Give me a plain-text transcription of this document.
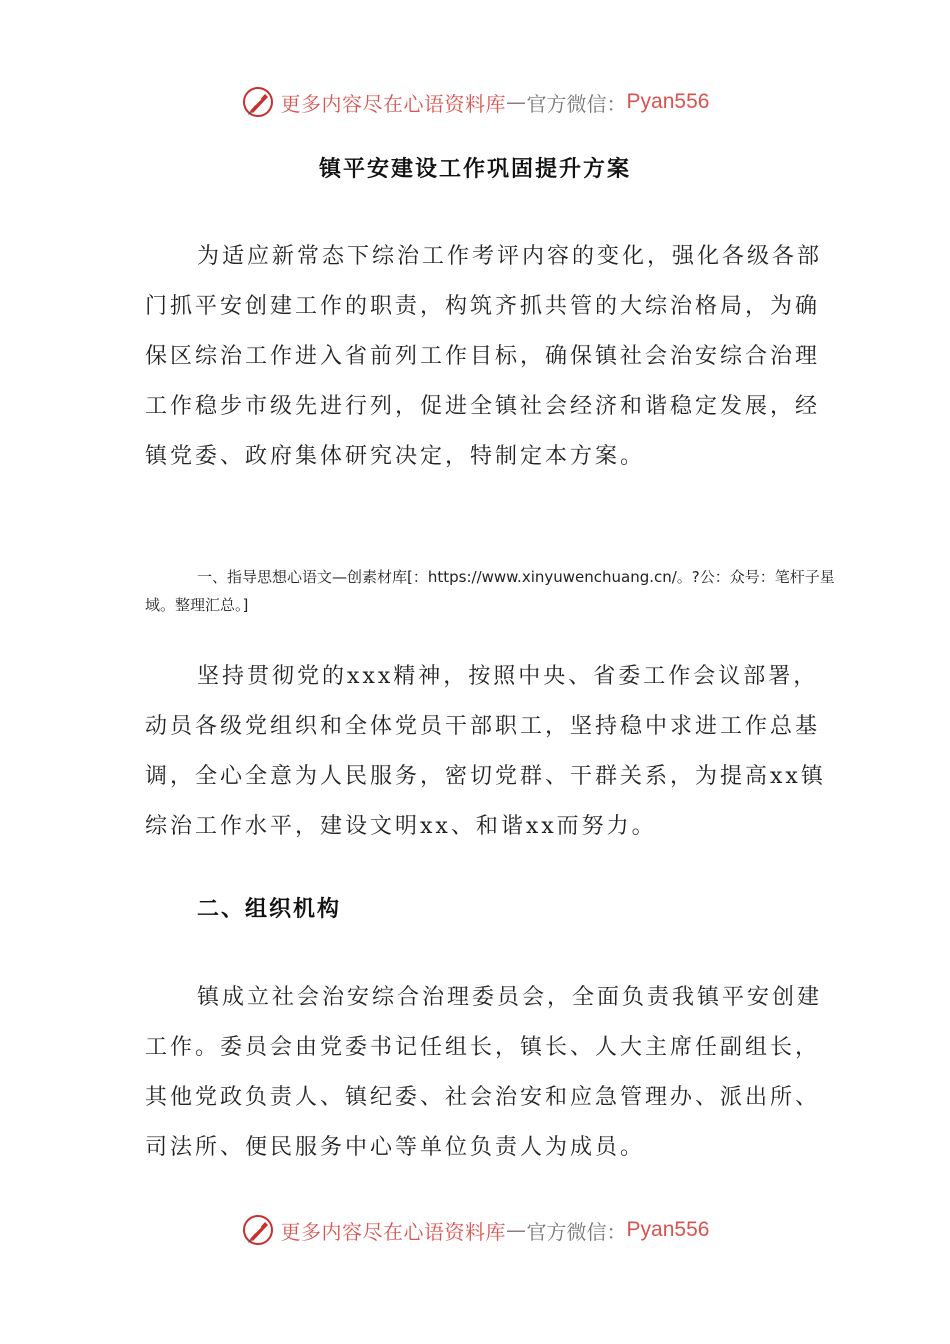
更多内容尽在心语资料库 — 官方微信： Pyan556
镇平安建设工作巩固提升方案
为适应新常态下综治工作考评内容的变化，强化各级各部门抓平安创建工作的职责，构筑齐抓共管的大综治格局，为确保区综治工作进入省前列工作目标，确保镇社会治安综合治理工作稳步市级先进行列，促进全镇社会经济和谐稳定发展，经镇党委、政府集体研究决定，特制定本方案。
一、指导思想心语文—创素材库[：https://www.xinyuwenchuang.cn/。?公：众号：笔杆子星域。整理汇总。]
坚持贯彻党的xxx精神，按照中央、省委工作会议部署，动员各级党组织和全体党员干部职工，坚持稳中求进工作总基调，全心全意为人民服务，密切党群、干群关系，为提高xx镇综治工作水平，建设文明xx、和谐xx而努力。
二、组织机构
镇成立社会治安综合治理委员会，全面负责我镇平安创建工作。委员会由党委书记任组长，镇长、人大主席任副组长，其他党政负责人、镇纪委、社会治安和应急管理办、派出所、司法所、便民服务中心等单位负责人为成员。
更多内容尽在心语资料库 — 官方微信： Pyan556
